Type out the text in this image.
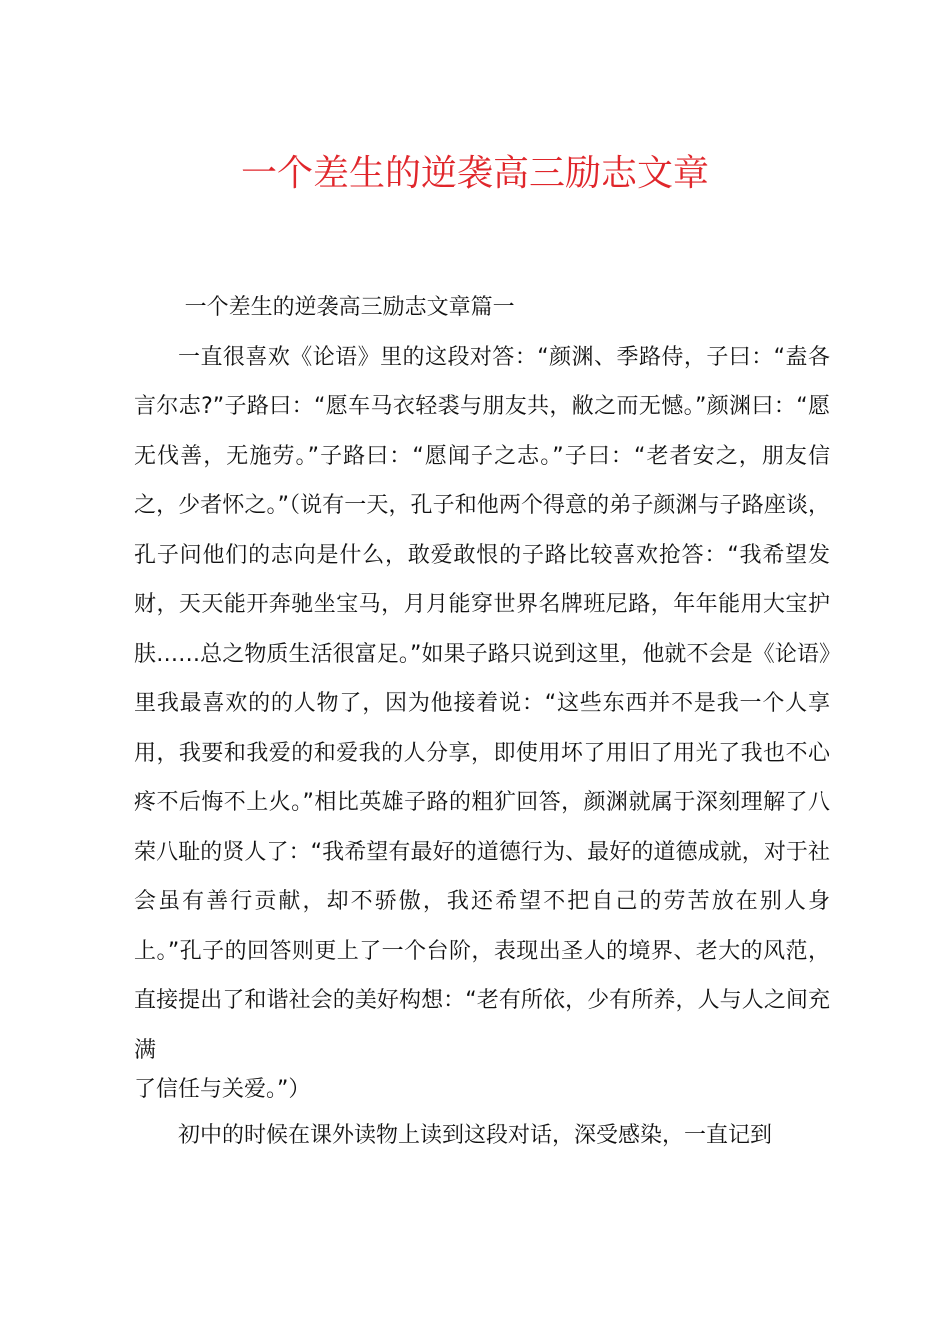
一个差生的逆袭高三励志文章

一个差生的逆袭高三励志文章篇一

一直很喜欢《论语》里的这段对答：“颜渊、季路侍，子曰：“盍各言尔志?”子路曰：“愿车马衣轻裘与朋友共，敝之而无憾。”颜渊曰：“愿无伐善，无施劳。”子路曰：“愿闻子之志。”子曰：“老者安之，朋友信之，少者怀之。”（说有一天，孔子和他两个得意的弟子颜渊与子路座谈，孔子问他们的志向是什么，敢爱敢恨的子路比较喜欢抢答：“我希望发财，天天能开奔驰坐宝马，月月能穿世界名牌班尼路，年年能用大宝护肤……总之物质生活很富足。”如果子路只说到这里，他就不会是《论语》里我最喜欢的的人物了，因为他接着说：“这些东西并不是我一个人享用，我要和我爱的和爱我的人分享，即使用坏了用旧了用光了我也不心疼不后悔不上火。”相比英雄子路的粗犷回答，颜渊就属于深刻理解了八荣八耻的贤人了：“我希望有最好的道德行为、最好的道德成就，对于社会虽有善行贡献，却不骄傲，我还希望不把自己的劳苦放在别人身上。”孔子的回答则更上了一个台阶，表现出圣人的境界、老大的风范，直接提出了和谐社会的美好构想：“老有所依，少有所养，人与人之间充满

了信任与关爱。”）

初中的时候在课外读物上读到这段对话，深受感染，一直记到
